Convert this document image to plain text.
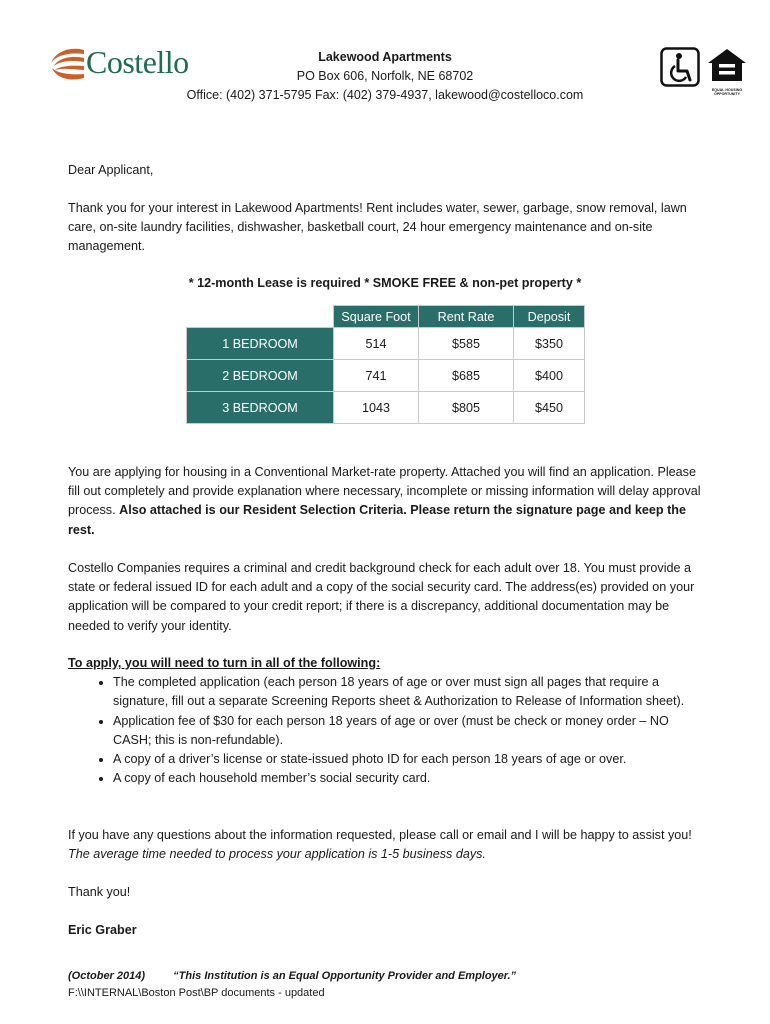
Costello	Lakewood Apartments
PO Box 606, Norfolk, NE 68702
Office: (402) 371-5795 Fax: (402) 379-4937, lakewood@costelloco.com	EQUAL HOUSING OPPORTUNITY
Dear Applicant,
Thank you for your interest in Lakewood Apartments! Rent includes water, sewer, garbage, snow removal, lawn care, on-site laundry facilities, dishwasher, basketball court, 24 hour emergency maintenance and on-site management.
* 12-month Lease is required * SMOKE FREE & non-pet property *
	Square Foot	Rent Rate	Deposit
1 BEDROOM	514	$585	$350
2 BEDROOM	741	$685	$400
3 BEDROOM	1043	$805	$450
You are applying for housing in a Conventional Market-rate property. Attached you will find an application. Please fill out completely and provide explanation where necessary, incomplete or missing information will delay approval process. Also attached is our Resident Selection Criteria. Please return the signature page and keep the rest.
Costello Companies requires a criminal and credit background check for each adult over 18. You must provide a state or federal issued ID for each adult and a copy of the social security card. The address(es) provided on your application will be compared to your credit report; if there is a discrepancy, additional documentation may be needed to verify your identity.
To apply, you will need to turn in all of the following:
• The completed application (each person 18 years of age or over must sign all pages that require a signature, fill out a separate Screening Reports sheet & Authorization to Release of Information sheet).
• Application fee of $30 for each person 18 years of age or over (must be check or money order – NO CASH; this is non-refundable).
• A copy of a driver’s license or state-issued photo ID for each person 18 years of age or over.
• A copy of each household member’s social security card.
If you have any questions about the information requested, please call or email and I will be happy to assist you! The average time needed to process your application is 1-5 business days.
Thank you!
Eric Graber
(October 2014)	“This Institution is an Equal Opportunity Provider and Employer.”
F:\\INTERNAL\Boston Post\BP documents - updated
